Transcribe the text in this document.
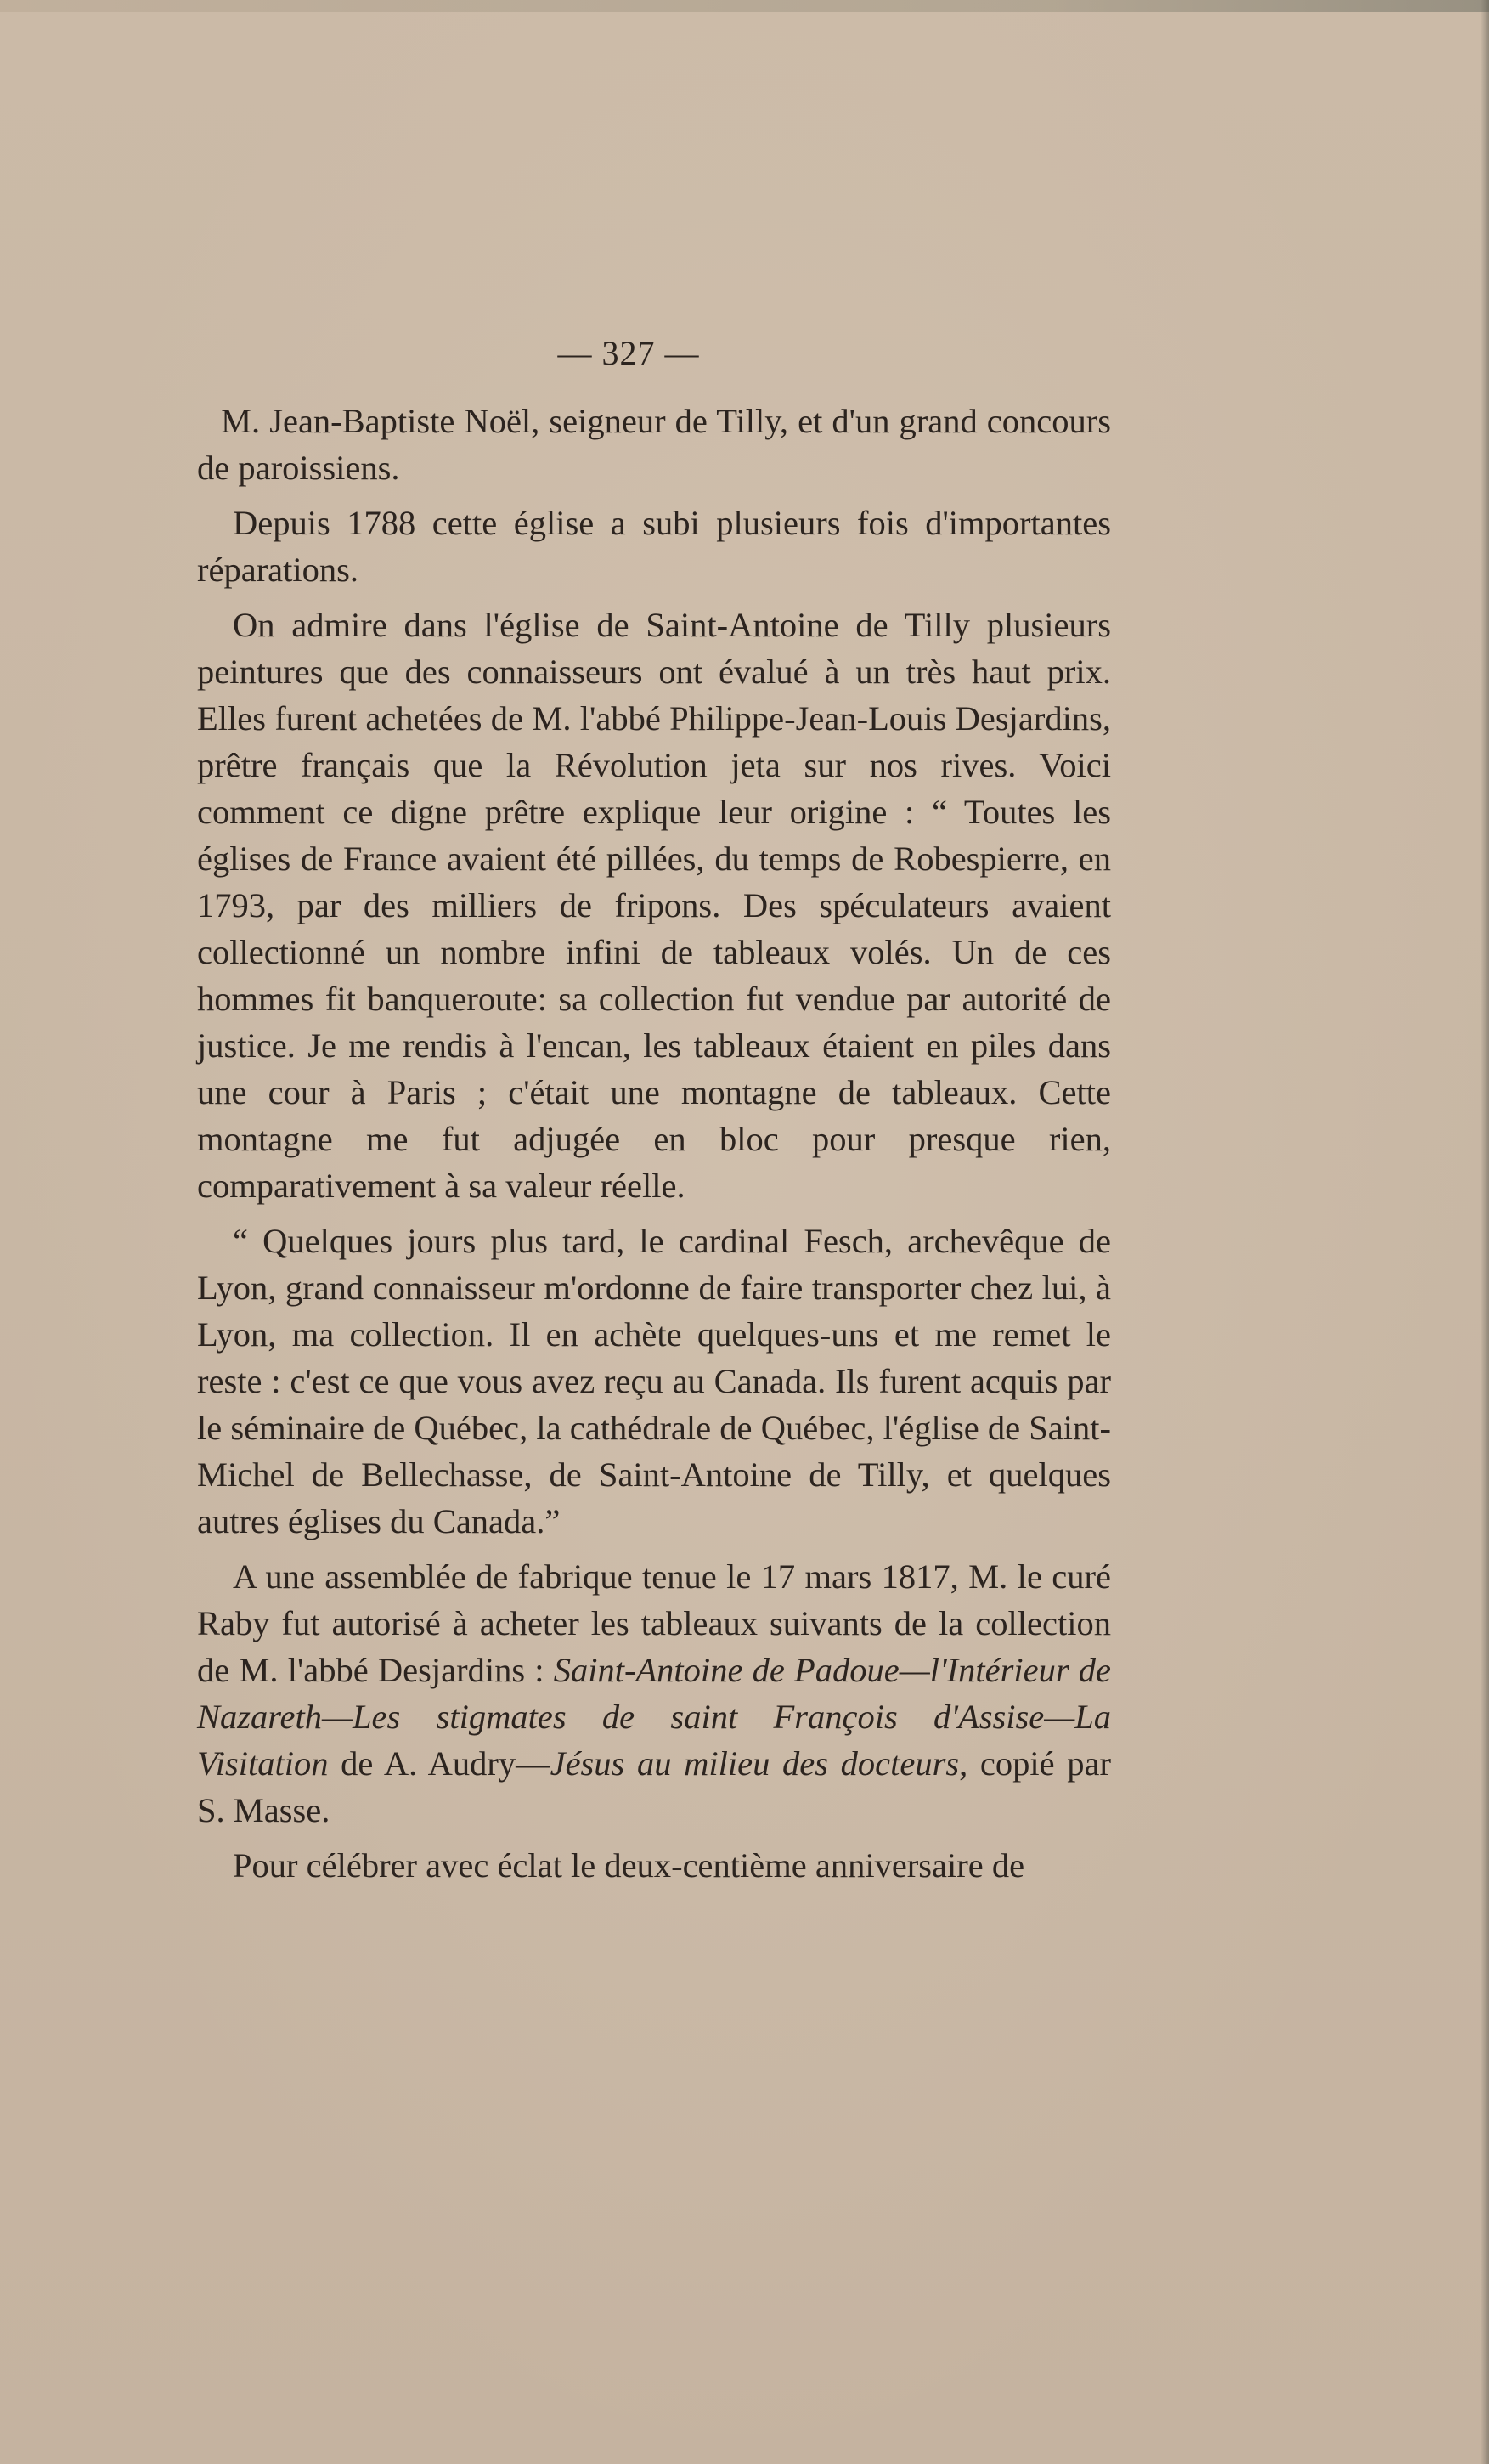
— 327 —

M. Jean-Baptiste Noël, seigneur de Tilly, et d'un grand concours de paroissiens.

Depuis 1788 cette église a subi plusieurs fois d'importantes réparations.

On admire dans l'église de Saint-Antoine de Tilly plusieurs peintures que des connaisseurs ont évalué à un très haut prix. Elles furent achetées de M. l'abbé Philippe-Jean-Louis Desjardins, prêtre français que la Révolution jeta sur nos rives. Voici comment ce digne prêtre explique leur origine : “ Toutes les églises de France avaient été pillées, du temps de Robespierre, en 1793, par des milliers de fripons. Des spéculateurs avaient collectionné un nombre infini de tableaux volés. Un de ces hommes fit banqueroute: sa collection fut vendue par autorité de justice. Je me rendis à l'encan, les tableaux étaient en piles dans une cour à Paris ; c'était une montagne de tableaux. Cette montagne me fut adjugée en bloc pour presque rien, comparativement à sa valeur réelle.

“ Quelques jours plus tard, le cardinal Fesch, archevêque de Lyon, grand connaisseur m'ordonne de faire transporter chez lui, à Lyon, ma collection. Il en achète quelques-uns et me remet le reste : c'est ce que vous avez reçu au Canada. Ils furent acquis par le séminaire de Québec, la cathédrale de Québec, l'église de Saint-Michel de Bellechasse, de Saint-Antoine de Tilly, et quelques autres églises du Canada.”

A une assemblée de fabrique tenue le 17 mars 1817, M. le curé Raby fut autorisé à acheter les tableaux suivants de la collection de M. l'abbé Desjardins : Saint-Antoine de Padoue—l'Intérieur de Nazareth—Les stigmates de saint François d'Assise—La Visitation de A. Audry—Jésus au milieu des docteurs, copié par S. Masse.

Pour célébrer avec éclat le deux-centième anniversaire de
